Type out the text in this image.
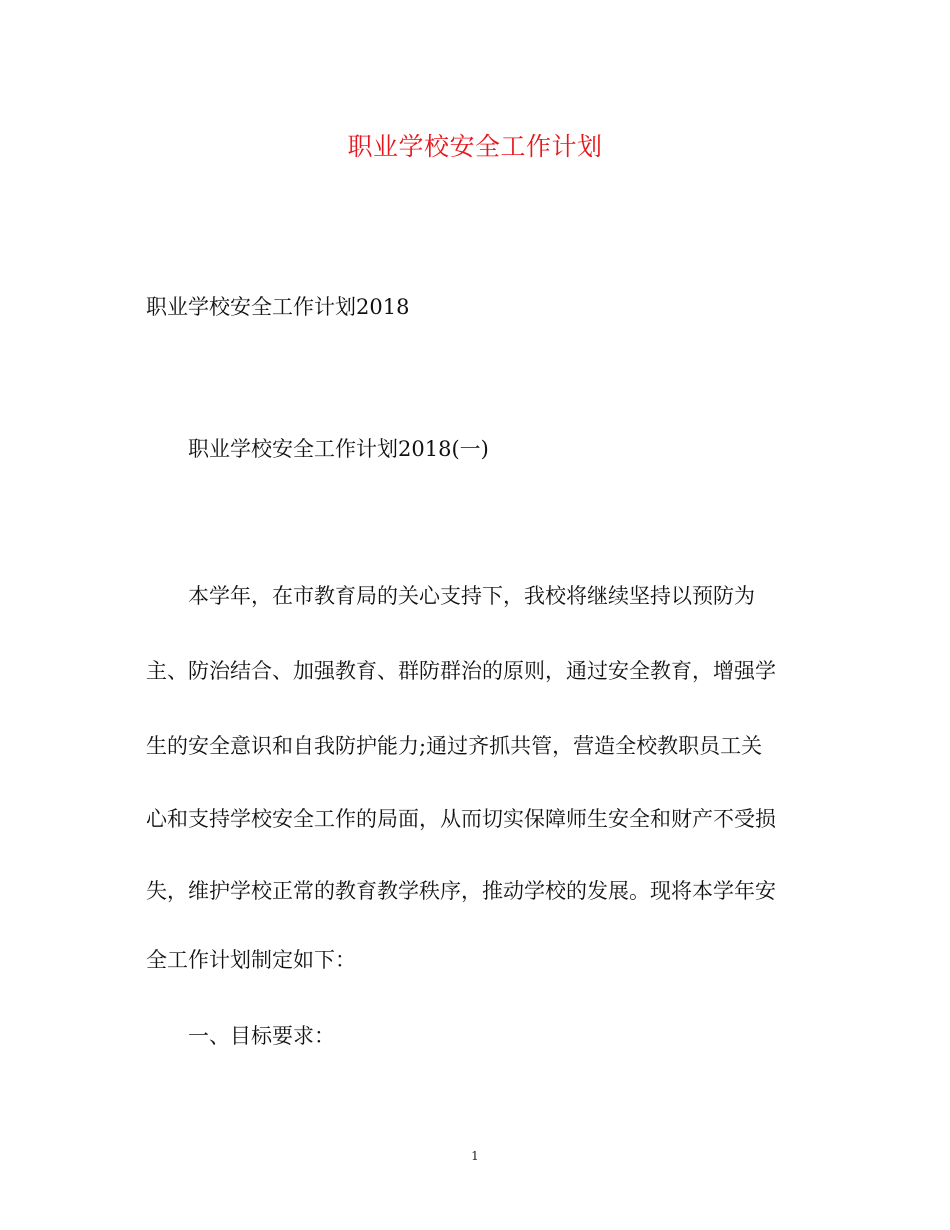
职业学校安全工作计划
职业学校安全工作计划2018
职业学校安全工作计划2018(一)
本学年，在市教育局的关心支持下，我校将继续坚持以预防为
主、防治结合、加强教育、群防群治的原则，通过安全教育，增强学
生的安全意识和自我防护能力;通过齐抓共管，营造全校教职员工关
心和支持学校安全工作的局面，从而切实保障师生安全和财产不受损
失，维护学校正常的教育教学秩序，推动学校的发展。现将本学年安
全工作计划制定如下：
一、目标要求：
1
